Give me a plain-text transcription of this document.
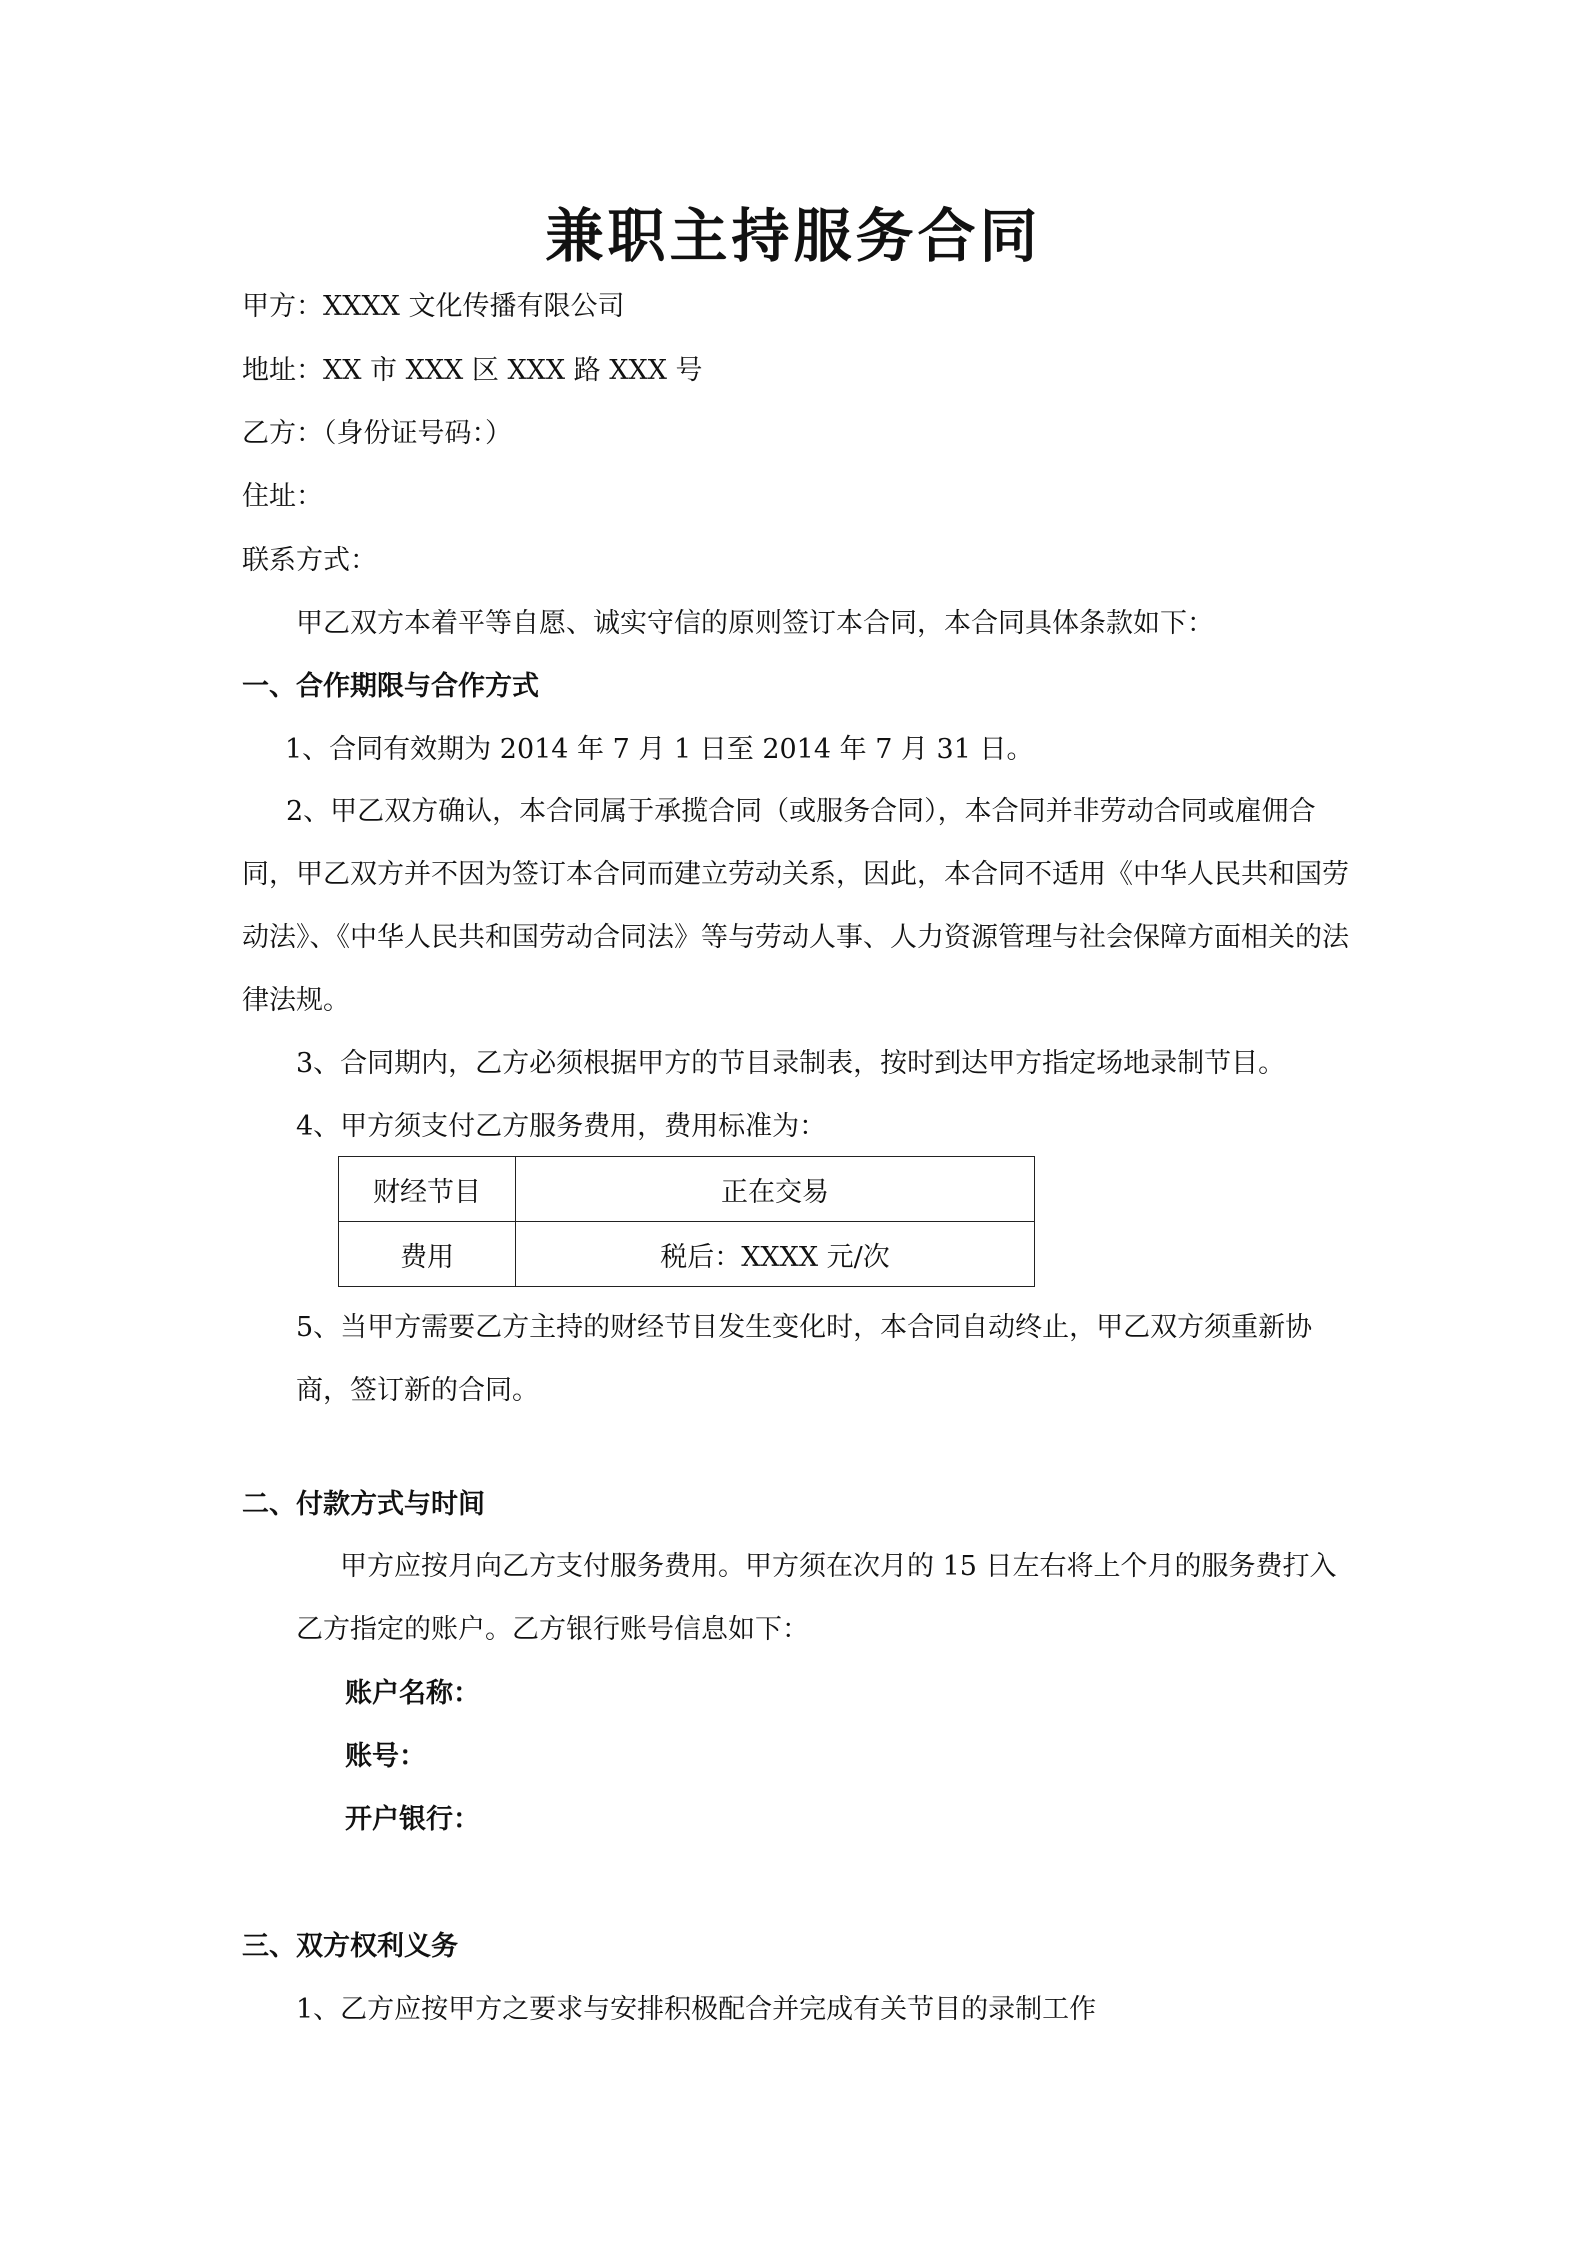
兼职主持服务合同
甲方：XXXX 文化传播有限公司
地址：XX 市 XXX 区 XXX 路 XXX 号
乙方：（身份证号码：）
住址：
联系方式：
甲乙双方本着平等自愿、诚实守信的原则签订本合同，本合同具体条款如下：
一、合作期限与合作方式
1、合同有效期为 2014 年 7 月 1 日至 2014 年 7 月 31 日。
2、甲乙双方确认，本合同属于承揽合同（或服务合同），本合同并非劳动合同或雇佣合同，甲乙双方并不因为签订本合同而建立劳动关系，因此，本合同不适用《中华人民共和国劳动法》、《中华人民共和国劳动合同法》等与劳动人事、人力资源管理与社会保障方面相关的法律法规。
3、合同期内，乙方必须根据甲方的节目录制表，按时到达甲方指定场地录制节目。
4、甲方须支付乙方服务费用，费用标准为：
财经节目	正在交易
费用	税后：XXXX 元/次
5、当甲方需要乙方主持的财经节目发生变化时，本合同自动终止，甲乙双方须重新协商，签订新的合同。
二、付款方式与时间
甲方应按月向乙方支付服务费用。甲方须在次月的 15 日左右将上个月的服务费打入乙方指定的账户。乙方银行账号信息如下：
账户名称：
账号：
开户银行：
三、双方权利义务
1、乙方应按甲方之要求与安排积极配合并完成有关节目的录制工作
